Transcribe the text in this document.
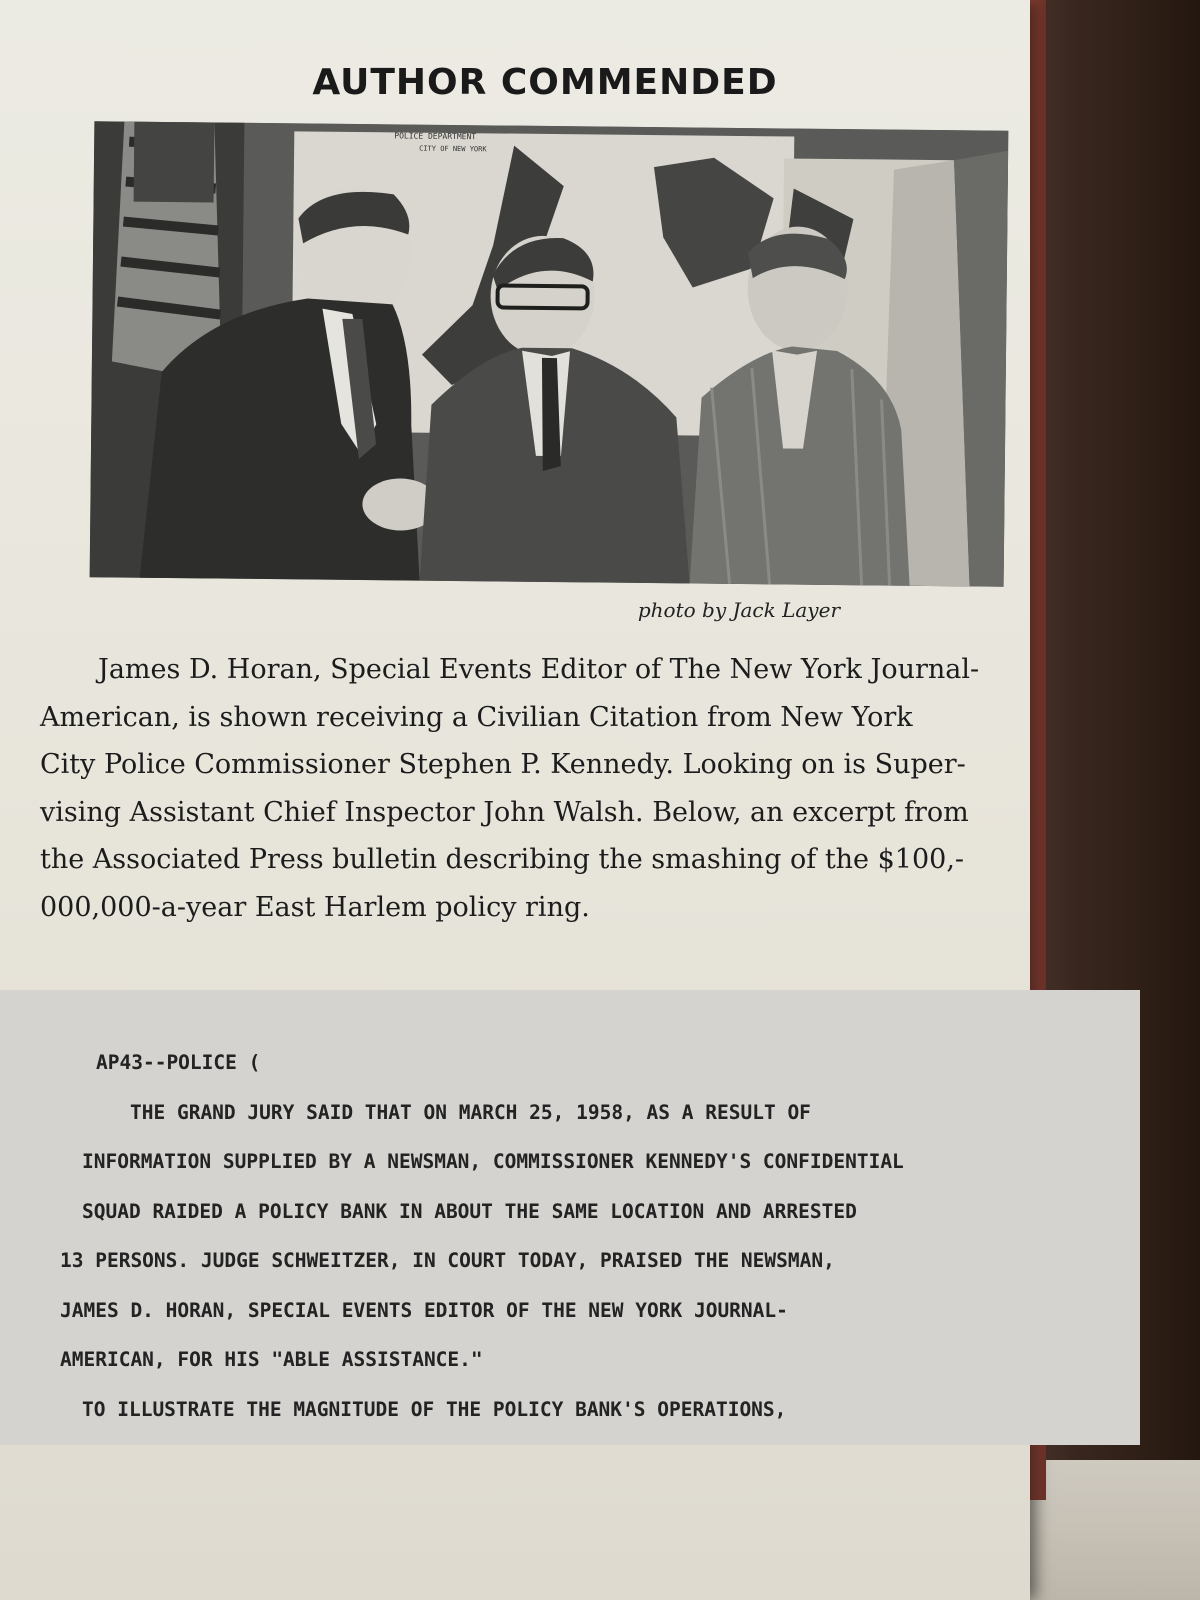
AUTHOR COMMENDED
POLICE DEPARTMENT
CITY OF NEW YORK
photo by Jack Layer
James D. Horan, Special Events Editor of The New York Journal-
American, is shown receiving a Civilian Citation from New York
City Police Commissioner Stephen P. Kennedy. Looking on is Super-
vising Assistant Chief Inspector John Walsh. Below, an excerpt from
the Associated Press bulletin describing the smashing of the $100,-
000,000-a-year East Harlem policy ring.
AP43--POLICE (
THE GRAND JURY SAID THAT ON MARCH 25, 1958, AS A RESULT OF
INFORMATION SUPPLIED BY A NEWSMAN, COMMISSIONER KENNEDY'S CONFIDENTIAL
SQUAD RAIDED A POLICY BANK IN ABOUT THE SAME LOCATION AND ARRESTED
13 PERSONS. JUDGE SCHWEITZER, IN COURT TODAY, PRAISED THE NEWSMAN,
JAMES D. HORAN, SPECIAL EVENTS EDITOR OF THE NEW YORK JOURNAL-
AMERICAN, FOR HIS "ABLE ASSISTANCE."
TO ILLUSTRATE THE MAGNITUDE OF THE POLICY BANK'S OPERATIONS,
